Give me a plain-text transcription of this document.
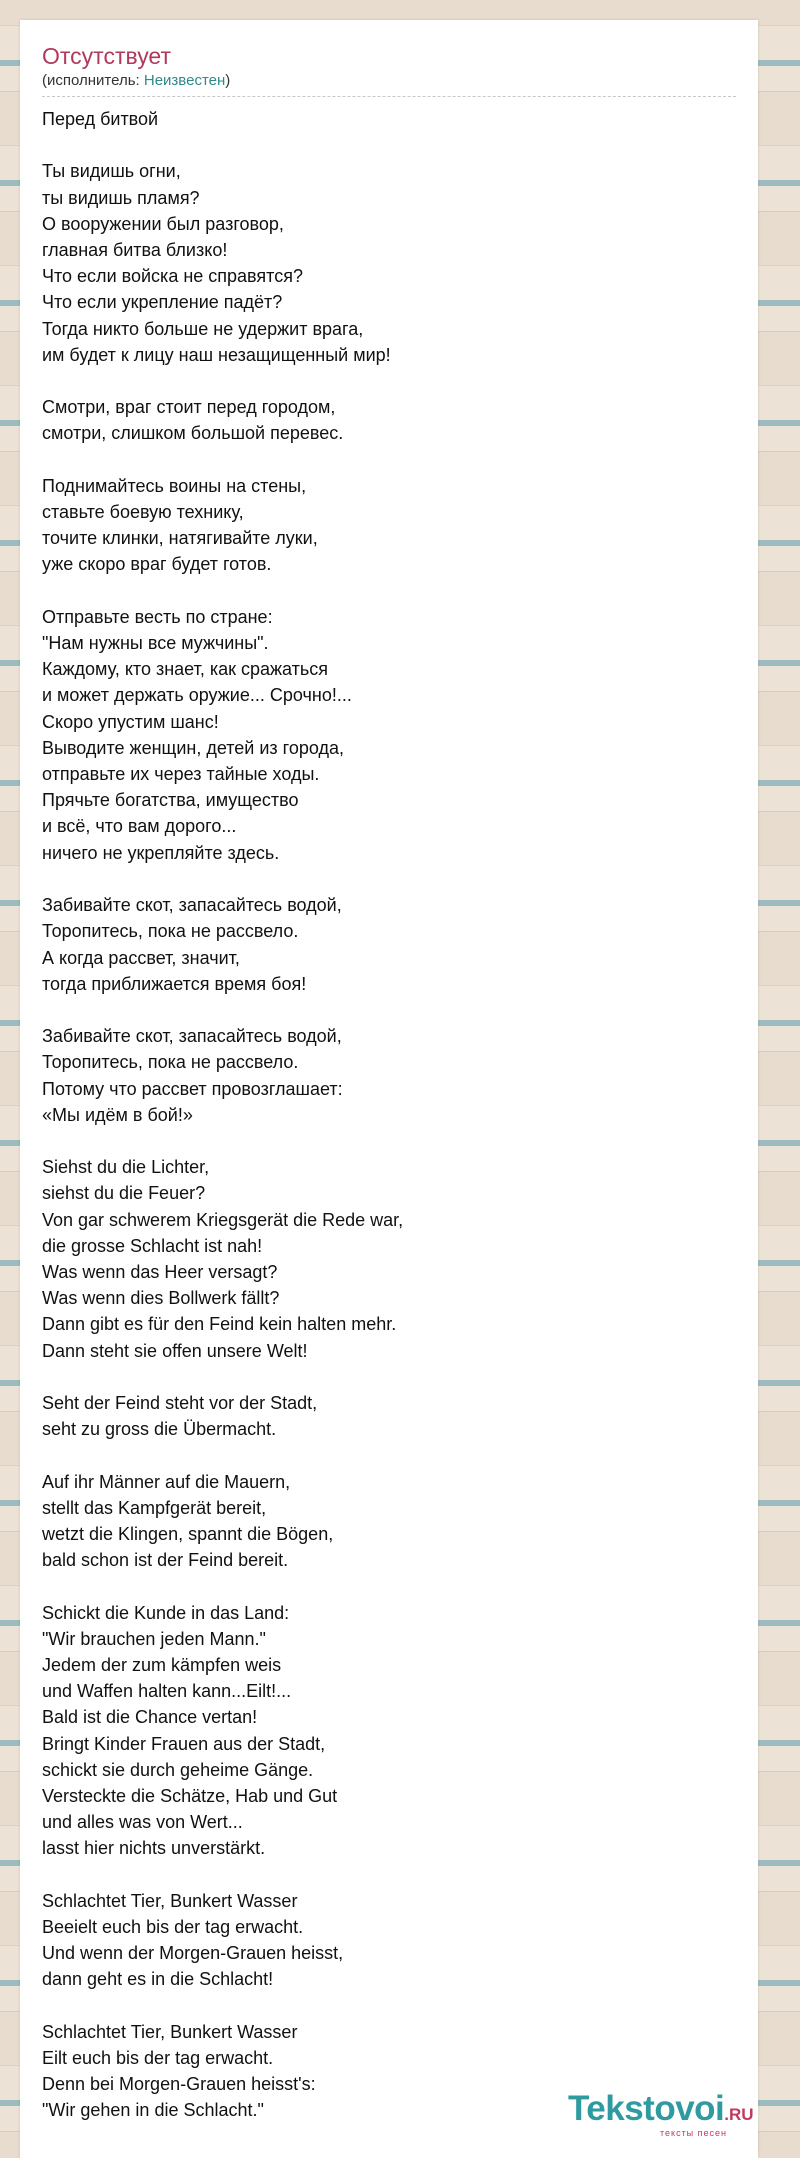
Отсутствует
(исполнитель: Неизвестен)
Перед битвой

Ты видишь огни,
ты видишь пламя?
О вооружении был разговор,
главная битва близко!
Что если войска не справятся?
Что если укрепление падёт?
Тогда никто больше не удержит врага,
им будет к лицу наш незащищенный мир!

Смотри, враг стоит перед городом,
смотри, слишком большой перевес.

Поднимайтесь воины на стены,
ставьте боевую технику,
точите клинки, натягивайте луки,
уже скоро враг будет готов.

Отправьте весть по стране:
"Нам нужны все мужчины".
Каждому, кто знает, как сражаться
и может держать оружие... Срочно!...
Скоро упустим шанс!
Выводите женщин, детей из города,
отправьте их через тайные ходы.
Прячьте богатства, имущество
и всё, что вам дорого...
ничего не укрепляйте здесь.

Забивайте скот, запасайтесь водой,
Торопитесь, пока не рассвело.
А когда рассвет, значит,
тогда приближается время боя!

Забивайте скот, запасайтесь водой,
Торопитесь, пока не рассвело.
Потому что рассвет провозглашает:
«Мы идём в бой!»

Siehst du die Lichter,
siehst du die Feuer?
Von gar schwerem Kriegsgerät die Rede war,
die grosse Schlacht ist nah!
Was wenn das Heer versagt?
Was wenn dies Bollwerk fällt?
Dann gibt es für den Feind kein halten mehr.
Dann steht sie offen unsere Welt!

Seht der Feind steht vor der Stadt,
seht zu gross die Übermacht.

Auf ihr Männer auf die Mauern,
stellt das Kampfgerät bereit,
wetzt die Klingen, spannt die Bögen,
bald schon ist der Feind bereit.

Schickt die Kunde in das Land:
"Wir brauchen jeden Mann."
Jedem der zum kämpfen weis
und Waffen halten kann...Eilt!...
Bald ist die Chance vertan!
Bringt Kinder Frauen aus der Stadt,
schickt sie durch geheime Gänge.
Versteckte die Schätze, Hab und Gut
und alles was von Wert...
lasst hier nichts unverstärkt.

Schlachtet Tier, Bunkert Wasser
Beeielt euch bis der tag erwacht.
Und wenn der Morgen-Grauen heisst,
dann geht es in die Schlacht!

Schlachtet Tier, Bunkert Wasser
Eilt euch bis der tag erwacht.
Denn bei Morgen-Grauen heisst's:
"Wir gehen in die Schlacht."	Tekstovoi.RU
тексты песен
